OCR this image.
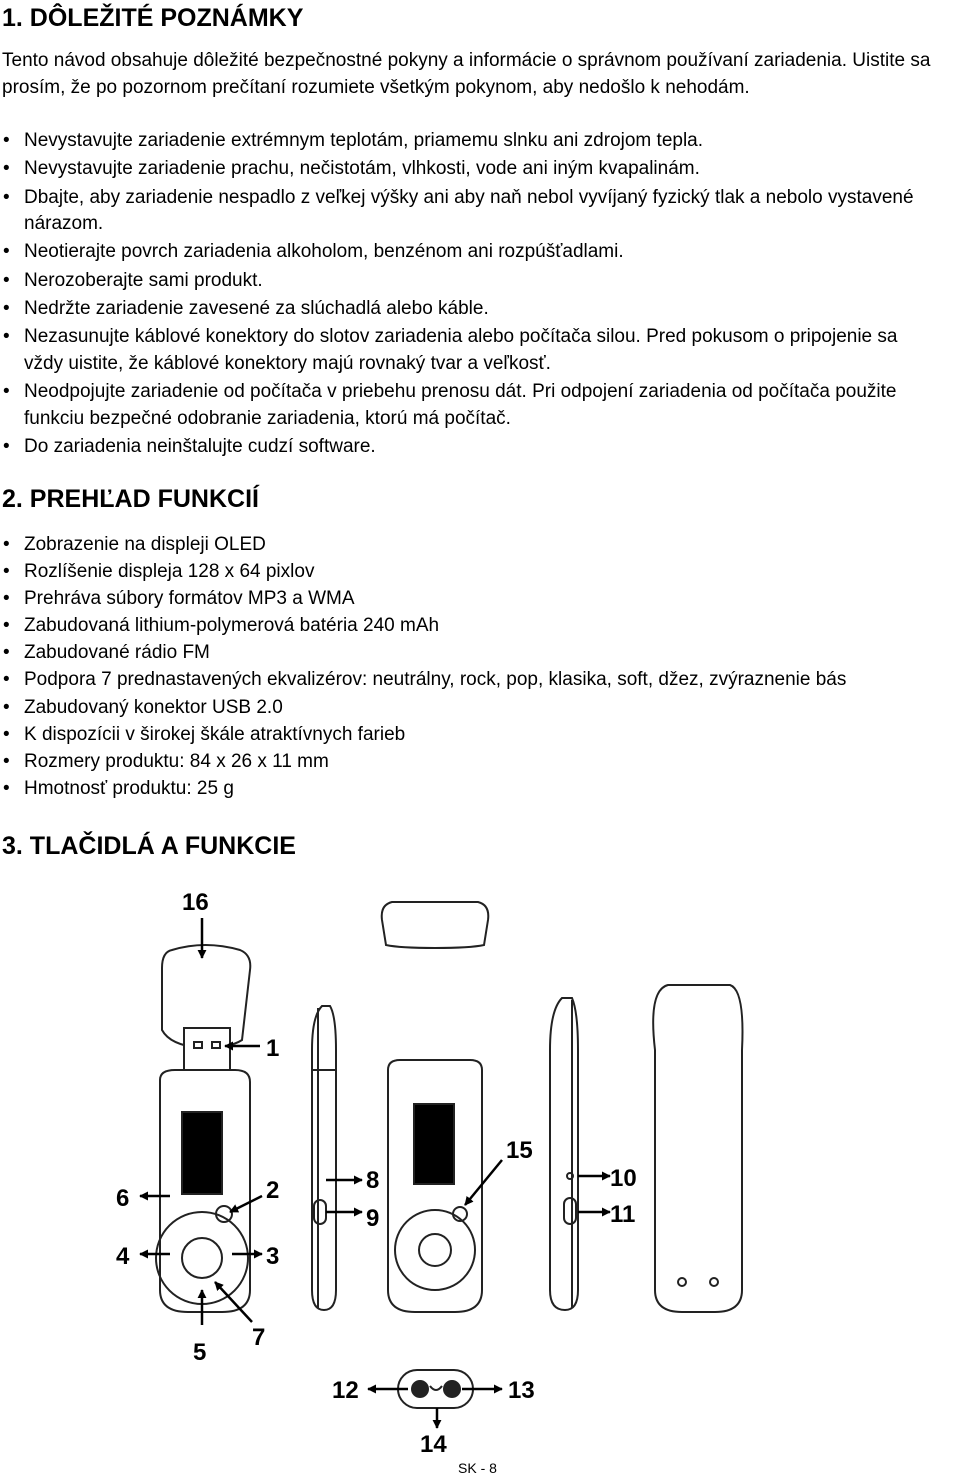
1. DÔLEŽITÉ POZNÁMKY

Tento návod obsahuje dôležité bezpečnostné pokyny a informácie o správnom používaní zariadenia. Uistite sa prosím, že po pozornom prečítaní rozumiete všetkým pokynom, aby nedošlo k nehodám.

• Nevystavujte zariadenie extrémnym teplotám, priamemu slnku ani zdrojom tepla.
• Nevystavujte zariadenie prachu, nečistotám, vlhkosti, vode ani iným kvapalinám.
• Dbajte, aby zariadenie nespadlo z veľkej výšky ani aby naň nebol vyvíjaný fyzický tlak a nebolo vystavené nárazom.
• Neotierajte povrch zariadenia alkoholom, benzénom ani rozpúšťadlami.
• Nerozoberajte sami produkt.
• Nedržte zariadenie zavesené za slúchadlá alebo káble.
• Nezasunujte káblové konektory do slotov zariadenia alebo počítača silou. Pred pokusom o pripojenie sa vždy uistite, že káblové konektory majú rovnaký tvar a veľkosť.
• Neodpojujte zariadenie od počítača v priebehu prenosu dát. Pri odpojení zariadenia od počítača použite funkciu bezpečné odobranie zariadenia, ktorú má počítač.
• Do zariadenia neinštalujte cudzí software.
2. PREHĽAD FUNKCIÍ
• Zobrazenie na displeji OLED
• Rozlíšenie displeja 128 x 64 pixlov
• Prehráva súbory formátov MP3 a WMA
• Zabudovaná lithium-polymerová batéria 240 mAh
• Zabudované rádio FM
• Podpora 7 prednastavených ekvalizérov: neutrálny, rock, pop, klasika, soft, džez, zvýraznenie bás
• Zabudovaný konektor USB 2.0
• K dispozícii v širokej škále atraktívnych farieb
• Rozmery produktu: 84 x 26 x 11 mm
• Hmotnosť produktu: 25 g
3. TLAČIDLÁ A FUNKCIE
16
1
6	2
4	3
5
7
8
9
15
10
11
12	13
14
SK - 8
